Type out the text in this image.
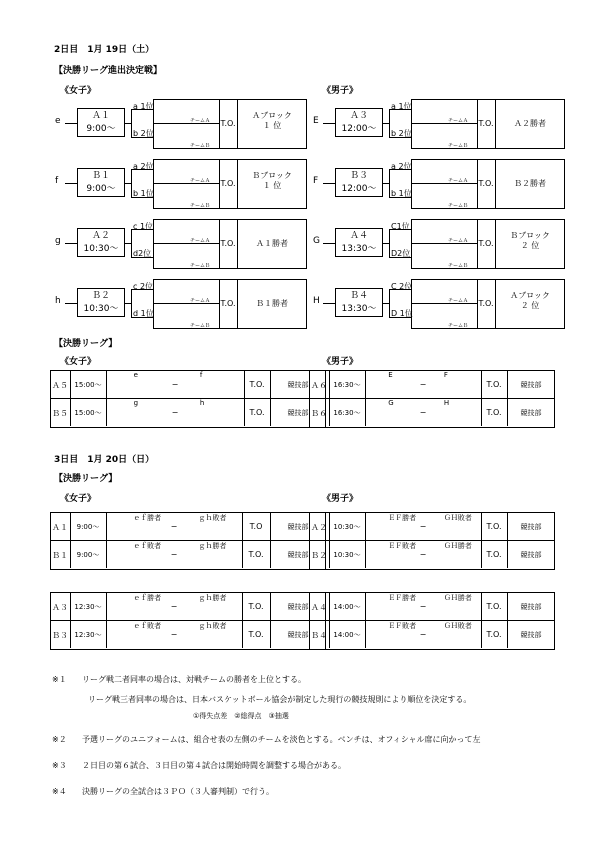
2日目　1月 19日（土）
【決勝リーグ進出決定戦】
《女子》	《男子》
e	Ａ１
9:00〜
a 1位
b 2位
チームＡ
チームＢ
T.O.
Ａブロック
１ 位
f	Ｂ１
9:00〜
a 2位
b 1位
チームＡ
チームＢ
T.O.
Ｂブロック
１ 位
g	Ａ２
10:30〜
c 1位
d2位
チームＡ
チームＢ
T.O.	Ａ１勝者
h	Ｂ２
10:30〜
c 2位
d 1位
チームＡ
チームＢ
T.O.	Ｂ１勝者
E	Ａ３
12:00〜
a 1位
b 2位
チームＡ
チームＢ
T.O.	Ａ２勝者
F	Ｂ３
12:00〜
a 2位
b 1位
チームＡ
チームＢ
T.O.	Ｂ２勝者
G	Ａ４
13:30〜
C1位
D2位
チームＡ
チームＢ
T.O.
Ｂブロック
２ 位
H	Ｂ４
13:30〜
C 2位
D 1位
チームＡ
チームＢ
T.O.
Ａブロック
２ 位
【決勝リーグ】
《女子》	《男子》
Ａ５ 15:00〜
e	f
−	T.O.	競技部
Ｂ５ 15:00〜
g	h
−	T.O.	競技部
Ａ６ 16:30〜
E	F
−	T.O.	競技部
Ｂ６ 16:30〜
G	H
−	T.O.	競技部
3日目　1月 20日（日）
【決勝リーグ】
《女子》	《男子》
Ａ１	9:00〜
ｅｆ勝者	ｇｈ敗者
−	T.O	競技部
Ｂ１	9:00〜
ｅｆ敗者	ｇｈ勝者
−	T.O.	競技部
Ａ３ 12:30〜
ｅｆ勝者	ｇｈ勝者
−	T.O.	競技部
Ｂ３ 12:30〜
ｅｆ敗者	ｇｈ敗者
−	T.O.	競技部
Ａ２ 10:30〜
ＥＦ勝者	ＧＨ敗者
−	T.O.	競技部
Ｂ２ 10:30〜
ＥＦ敗者	ＧＨ勝者
−	T.O.	競技部
Ａ４ 14:00〜
ＥＦ勝者	ＧＨ勝者
−	T.O.	競技部
Ｂ４ 14:00〜
ＥＦ敗者	ＧＨ敗者
−	T.O.	競技部
※１ リーグ戦二者同率の場合は、対戦チームの勝者を上位とする。
リーグ戦三者同率の場合は、日本バスケットボール協会が制定した現行の競技規則により順位を決定する。
①得失点差　②総得点　③抽選
※２ 予選リーグのユニフォームは、組合せ表の左側のチームを淡色とする。ベンチは、オフィシャル席に向かって左
※３ ２日目の第６試合、３日目の第４試合は開始時間を調整する場合がある。
※４ 決勝リーグの全試合は３ＰＯ（３人審判制）で行う。
